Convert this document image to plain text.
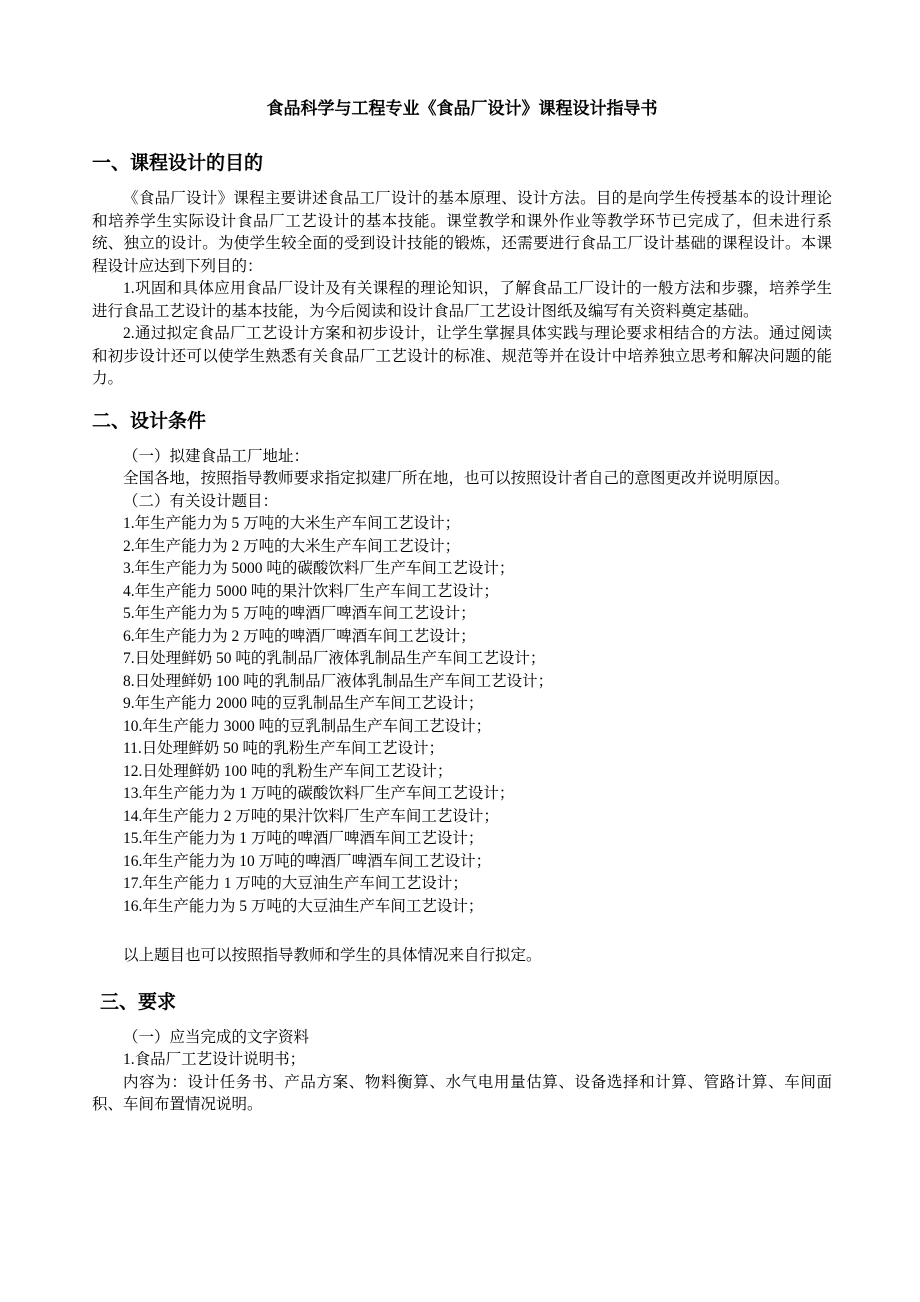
食品科学与工程专业《食品厂设计》课程设计指导书
一、课程设计的目的

《食品厂设计》课程主要讲述食品工厂设计的基本原理、设计方法。目的是向学生传授基本的设计理论和培养学生实际设计食品厂工艺设计的基本技能。课堂教学和课外作业等教学环节已完成了，但未进行系统、独立的设计。为使学生较全面的受到设计技能的锻炼，还需要进行食品工厂设计基础的课程设计。本课程设计应达到下列目的：

1.巩固和具体应用食品厂设计及有关课程的理论知识，了解食品工厂设计的一般方法和步骤，培养学生进行食品工艺设计的基本技能，为今后阅读和设计食品厂工艺设计图纸及编写有关资料奠定基础。

2.通过拟定食品厂工艺设计方案和初步设计，让学生掌握具体实践与理论要求相结合的方法。通过阅读和初步设计还可以使学生熟悉有关食品厂工艺设计的标准、规范等并在设计中培养独立思考和解决问题的能力。

二、设计条件
（一）拟建食品工厂地址：

全国各地，按照指导教师要求指定拟建厂所在地，也可以按照设计者自己的意图更改并说明原因。

（二）有关设计题目：
1.年生产能力为 5 万吨的大米生产车间工艺设计；
2.年生产能力为 2 万吨的大米生产车间工艺设计；
3.年生产能力为 5000 吨的碳酸饮料厂生产车间工艺设计；
4.年生产能力 5000 吨的果汁饮料厂生产车间工艺设计；
5.年生产能力为 5 万吨的啤酒厂啤酒车间工艺设计；
6.年生产能力为 2 万吨的啤酒厂啤酒车间工艺设计；
7.日处理鲜奶 50 吨的乳制品厂液体乳制品生产车间工艺设计；
8.日处理鲜奶 100 吨的乳制品厂液体乳制品生产车间工艺设计；
9.年生产能力 2000 吨的豆乳制品生产车间工艺设计；
10.年生产能力 3000 吨的豆乳制品生产车间工艺设计；
11.日处理鲜奶 50 吨的乳粉生产车间工艺设计；
12.日处理鲜奶 100 吨的乳粉生产车间工艺设计；
13.年生产能力为 1 万吨的碳酸饮料厂生产车间工艺设计；
14.年生产能力 2 万吨的果汁饮料厂生产车间工艺设计；
15.年生产能力为 1 万吨的啤酒厂啤酒车间工艺设计；
16.年生产能力为 10 万吨的啤酒厂啤酒车间工艺设计；
17.年生产能力 1 万吨的大豆油生产车间工艺设计；
16.年生产能力为 5 万吨的大豆油生产车间工艺设计；
以上题目也可以按照指导教师和学生的具体情况来自行拟定。
三、要求
（一）应当完成的文字资料
1.食品厂工艺设计说明书；

内容为：设计任务书、产品方案、物料衡算、水气电用量估算、设备选择和计算、管路计算、车间面积、车间布置情况说明。
